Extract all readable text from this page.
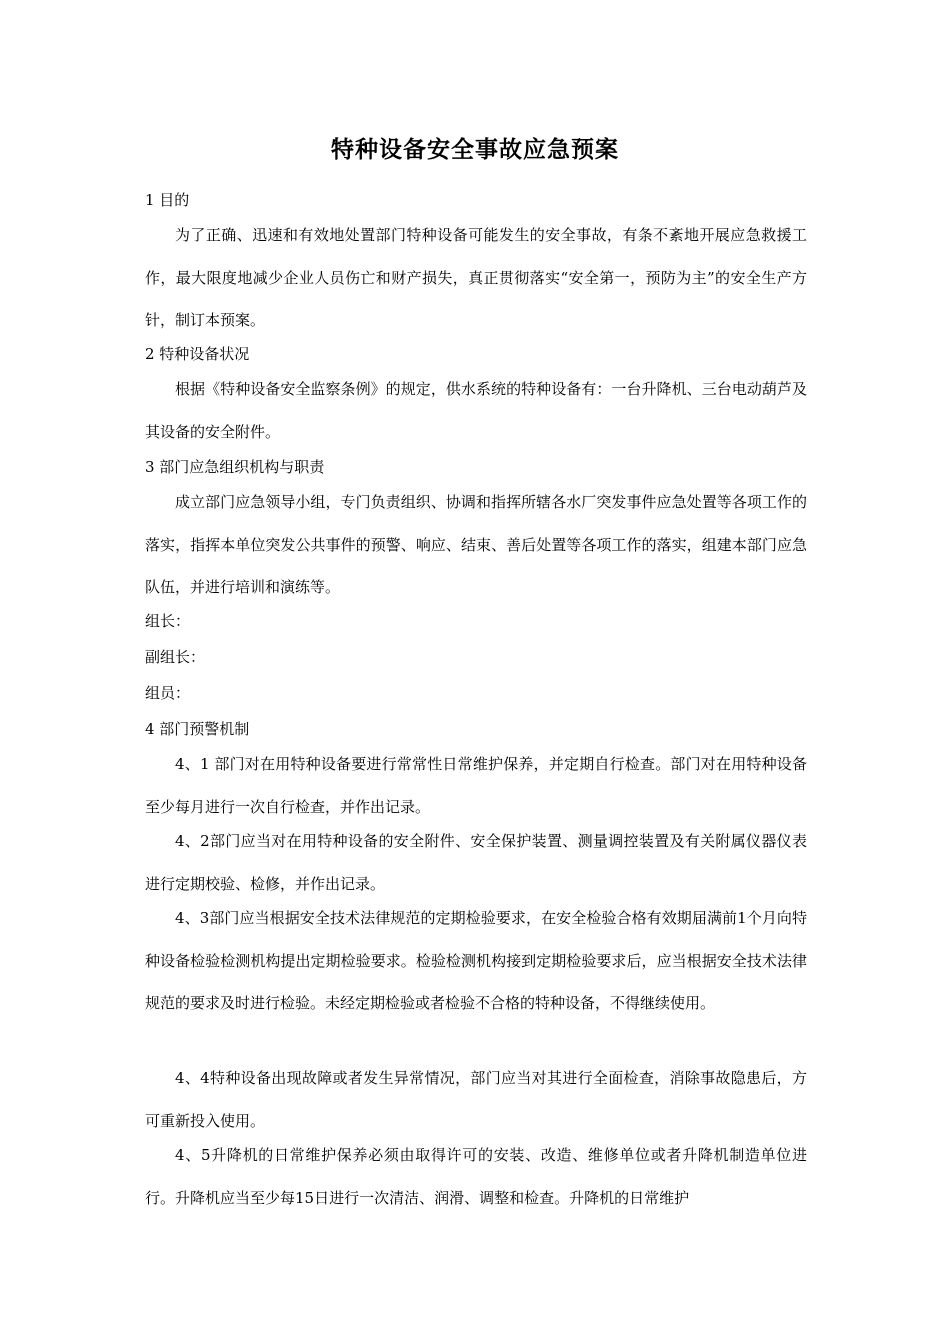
特种设备安全事故应急预案
1 目的
为了正确、迅速和有效地处置部门特种设备可能发生的安全事故，有条不紊地开展应急救援工作，最大限度地减少企业人员伤亡和财产损失，真正贯彻落实“安全第一，预防为主”的安全生产方针，制订本预案。
2 特种设备状况
根据《特种设备安全监察条例》的规定，供水系统的特种设备有：一台升降机、三台电动葫芦及其设备的安全附件。
3 部门应急组织机构与职责
成立部门应急领导小组，专门负责组织、协调和指挥所辖各水厂突发事件应急处置等各项工作的落实，指挥本单位突发公共事件的预警、响应、结束、善后处置等各项工作的落实，组建本部门应急队伍，并进行培训和演练等。
组长：
副组长：
组员：
4 部门预警机制
4、1 部门对在用特种设备要进行常常性日常维护保养，并定期自行检查。部门对在用特种设备至少每月进行一次自行检查，并作出记录。
4、2部门应当对在用特种设备的安全附件、安全保护装置、测量调控装置及有关附属仪器仪表进行定期校验、检修，并作出记录。
4、3部门应当根据安全技术法律规范的定期检验要求，在安全检验合格有效期届满前1个月向特种设备检验检测机构提出定期检验要求。检验检测机构接到定期检验要求后，应当根据安全技术法律规范的要求及时进行检验。未经定期检验或者检验不合格的特种设备，不得继续使用。
4、4特种设备出现故障或者发生异常情况，部门应当对其进行全面检查，消除事故隐患后，方可重新投入使用。
4、5升降机的日常维护保养必须由取得许可的安装、改造、维修单位或者升降机制造单位进行。升降机应当至少每15日进行一次清洁、润滑、调整和检查。升降机的日常维护
